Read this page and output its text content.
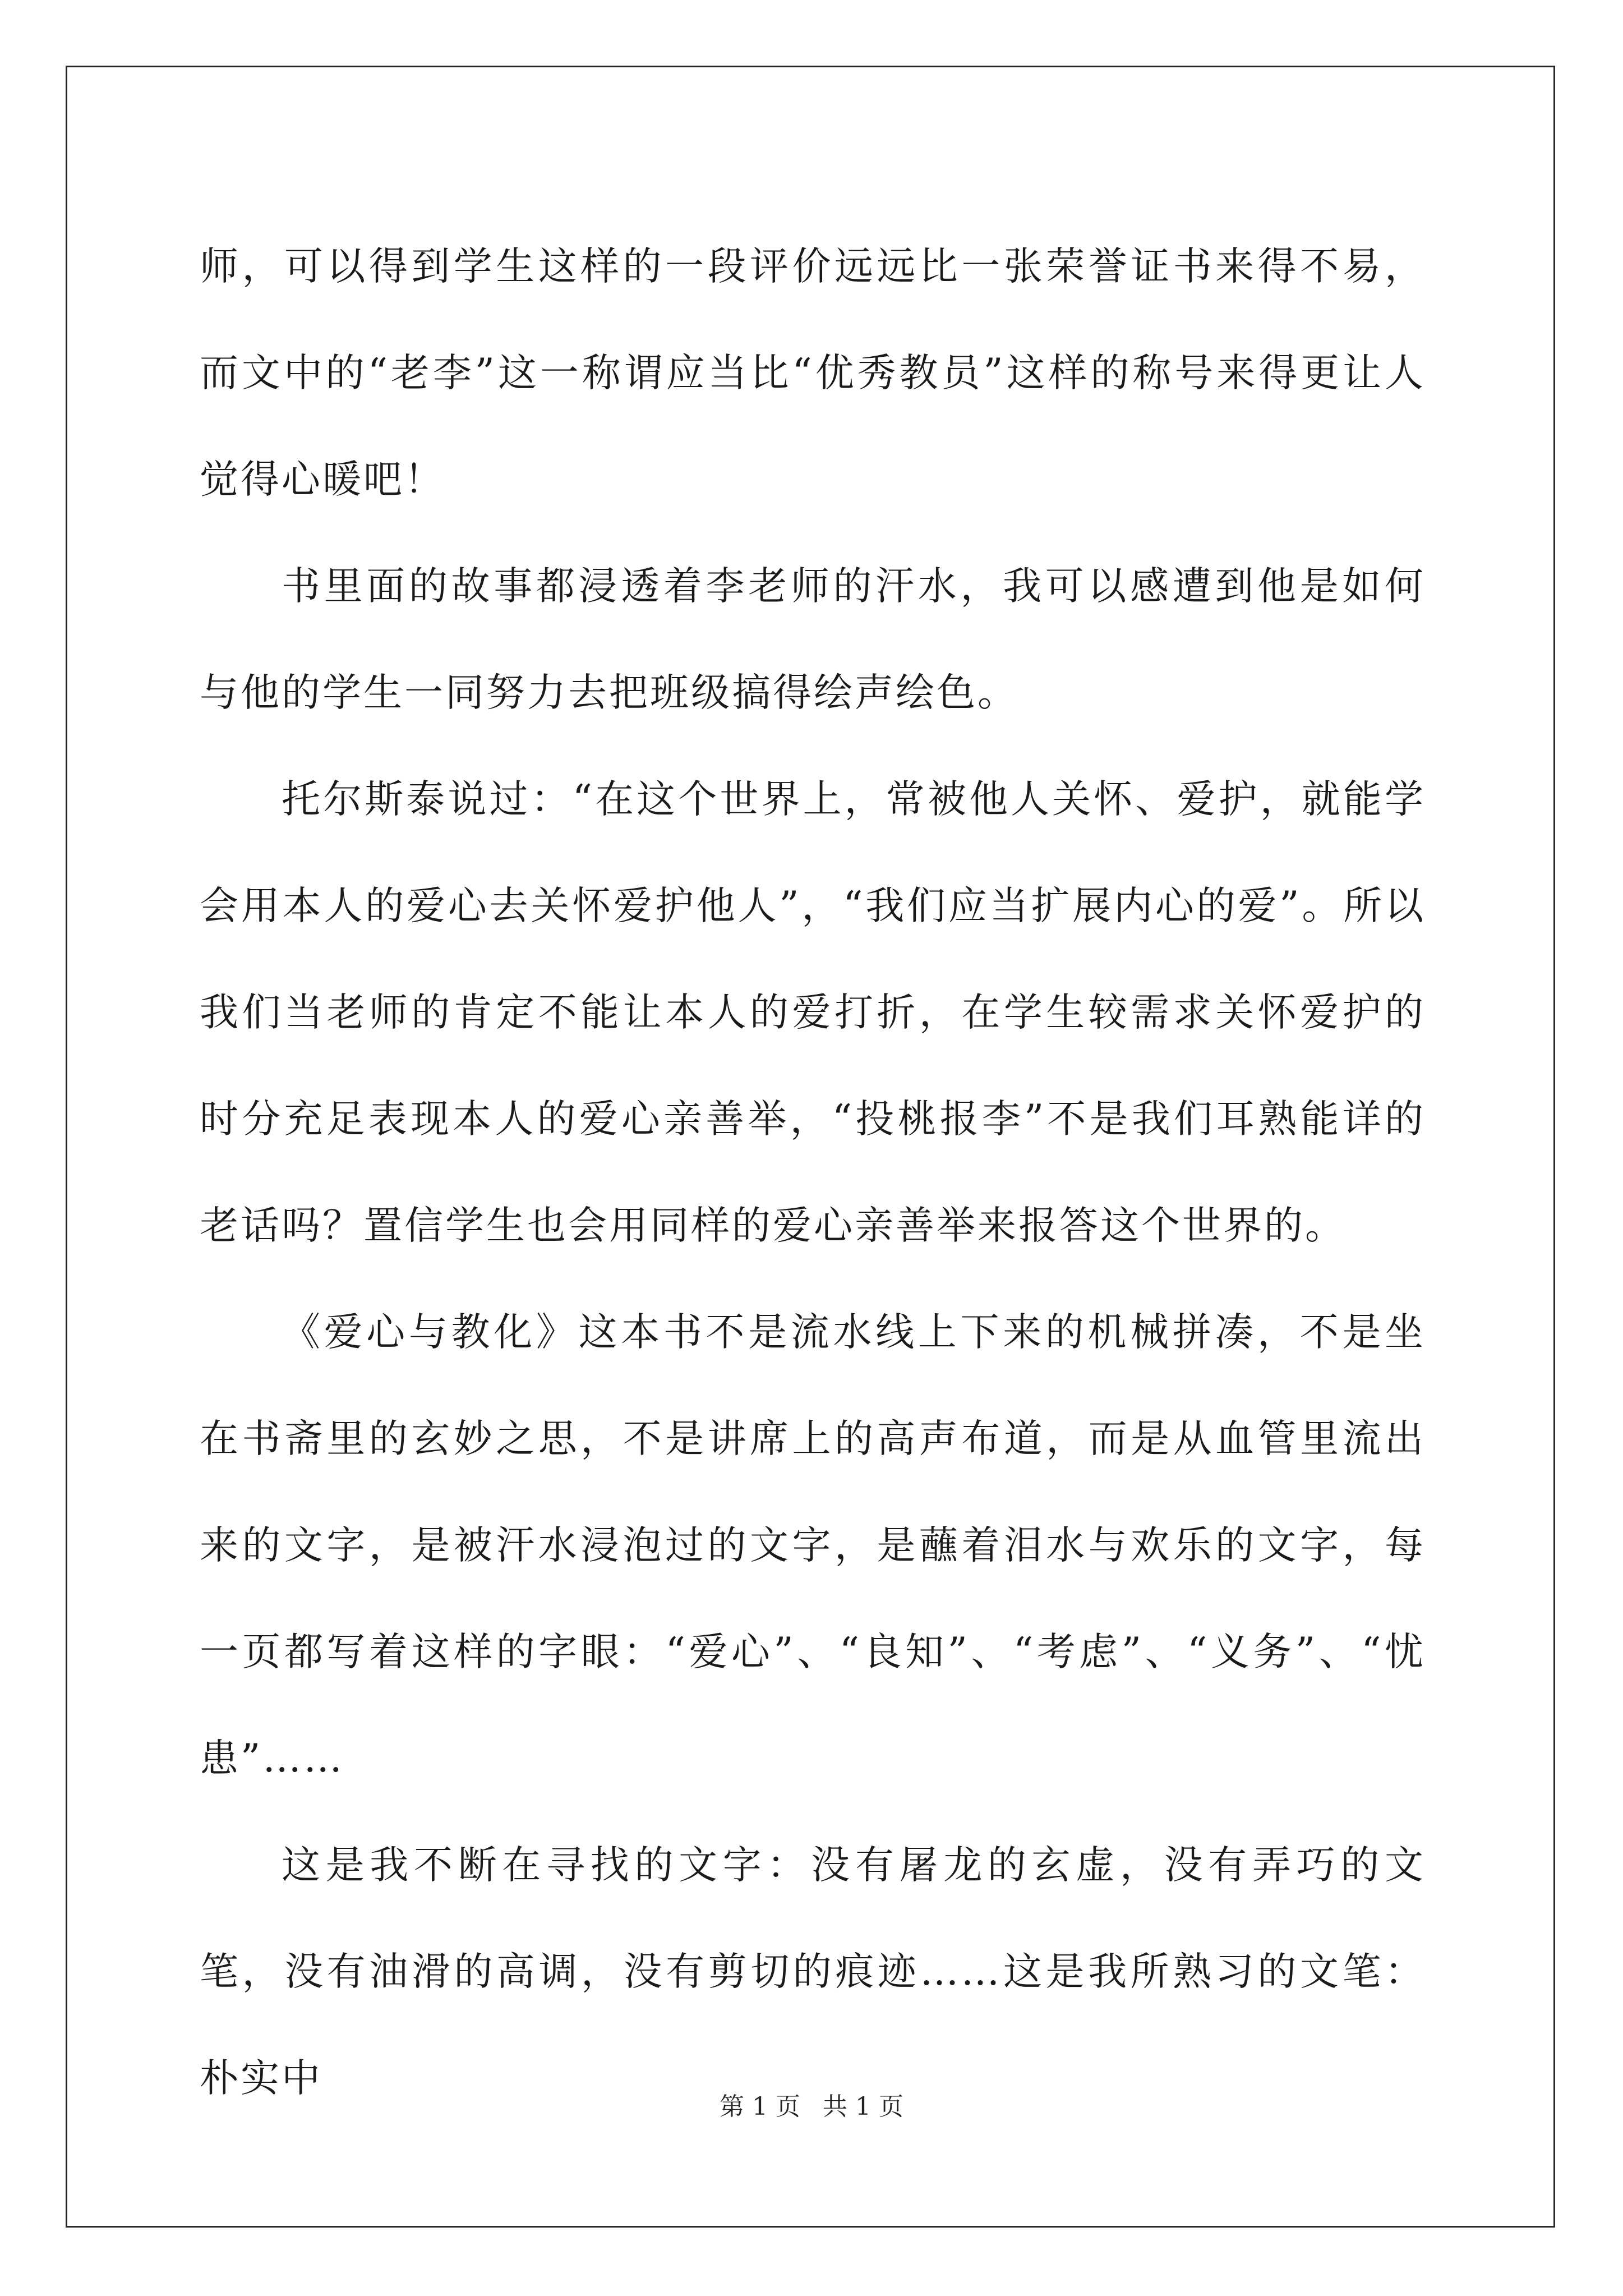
师，可以得到学生这样的一段评价远远比一张荣誉证书来得不易，而文中的“老李”这一称谓应当比“优秀教员”这样的称号来得更让人觉得心暖吧！

书里面的故事都浸透着李老师的汗水，我可以感遭到他是如何与他的学生一同努力去把班级搞得绘声绘色。

托尔斯泰说过：“在这个世界上，常被他人关怀、爱护，就能学会用本人的爱心去关怀爱护他人”，“我们应当扩展内心的爱”。所以我们当老师的肯定不能让本人的爱打折，在学生较需求关怀爱护的时分充足表现本人的爱心亲善举，“投桃报李”不是我们耳熟能详的老话吗？置信学生也会用同样的爱心亲善举来报答这个世界的。

《爱心与教化》这本书不是流水线上下来的机械拼凑，不是坐在书斋里的玄妙之思，不是讲席上的高声布道，而是从血管里流出来的文字，是被汗水浸泡过的文字，是蘸着泪水与欢乐的文字，每一页都写着这样的字眼：“爱心”、“良知”、“考虑”、“义务”、“忧患”……

这是我不断在寻找的文字：没有屠龙的玄虚，没有弄巧的文笔，没有油滑的高调，没有剪切的痕迹……这是我所熟习的文笔：朴实中

第 1 页 共 1 页
